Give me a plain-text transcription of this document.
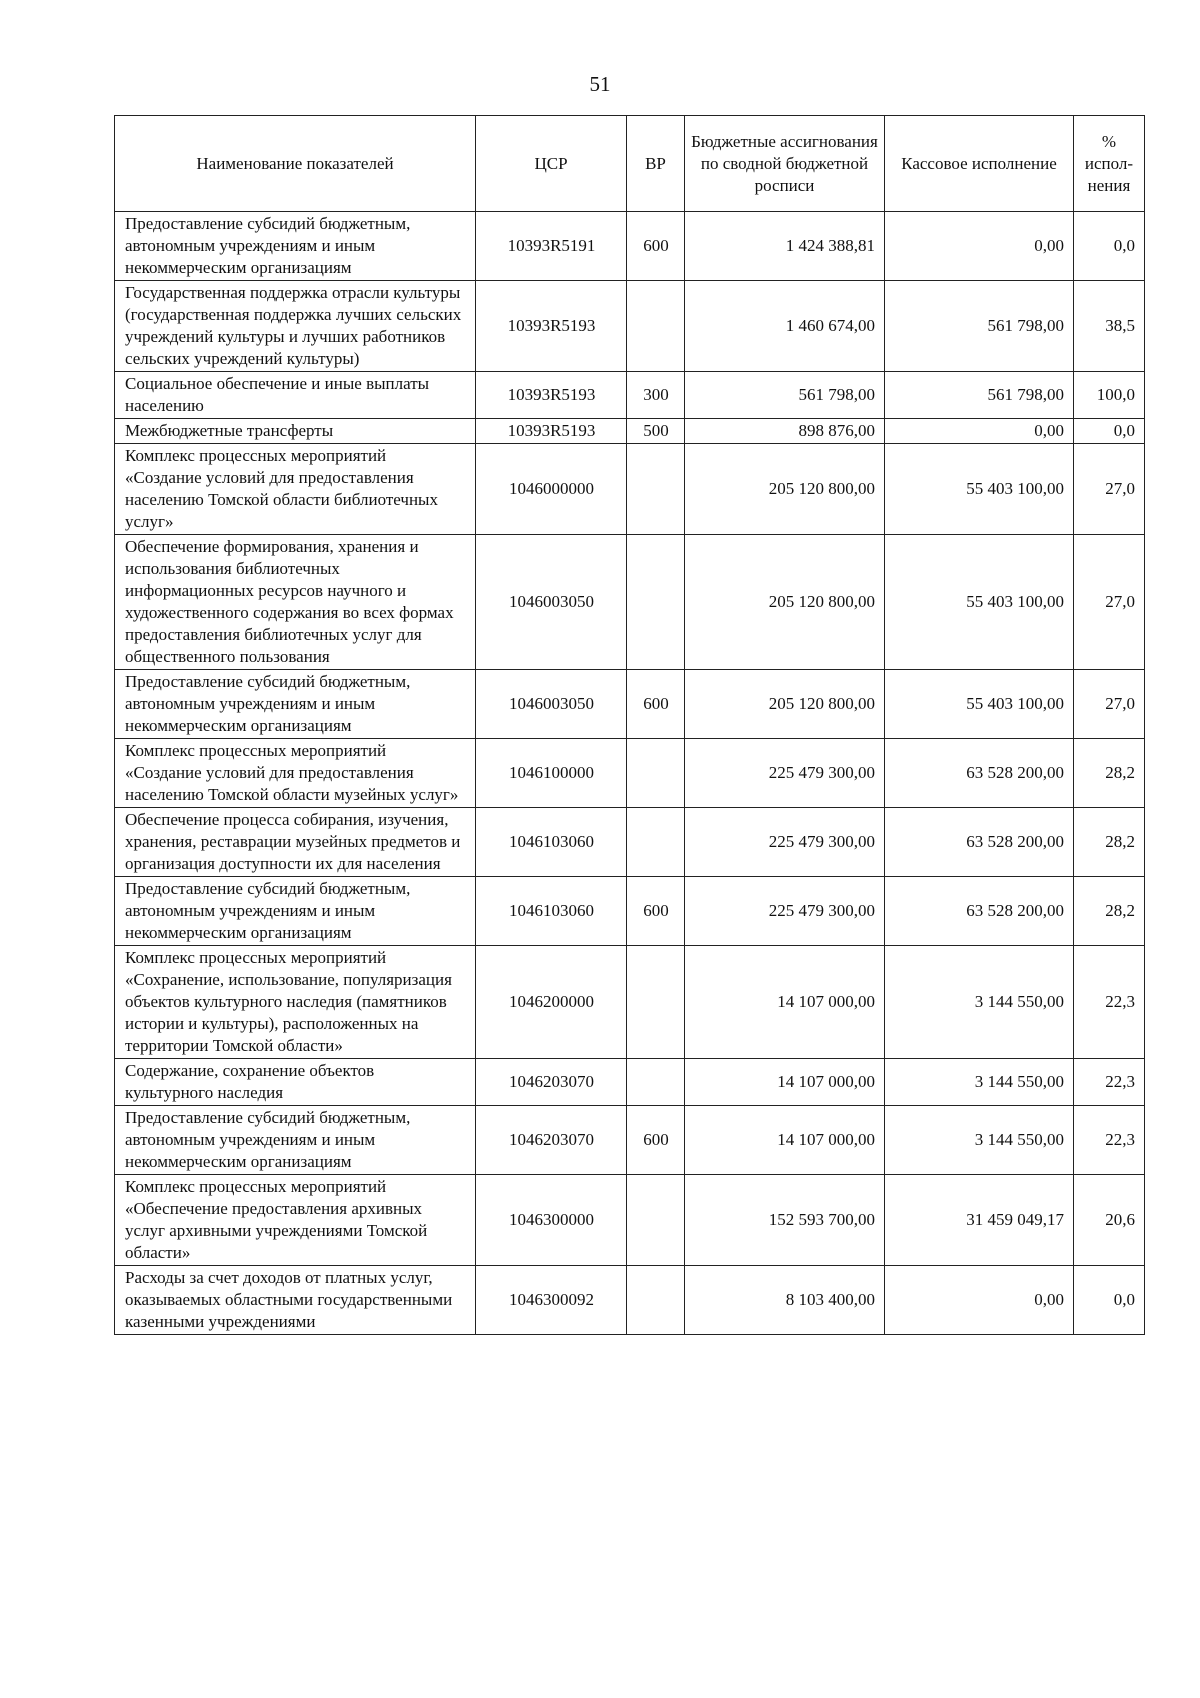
51
Наименование показателей	ЦСР	ВР	Бюджетные ассигнования по сводной бюджетной росписи	Кассовое исполнение	% испол-нения
Предоставление субсидий бюджетным, автономным учреждениям и иным некоммерческим организациям	10393R5191	600	1 424 388,81	0,00	0,0
Государственная поддержка отрасли культуры (государственная поддержка лучших сельских учреждений культуры и лучших работников сельских учреждений культуры)	10393R5193		1 460 674,00	561 798,00	38,5
Социальное обеспечение и иные выплаты населению	10393R5193	300	561 798,00	561 798,00	100,0
Межбюджетные трансферты	10393R5193	500	898 876,00	0,00	0,0
Комплекс процессных мероприятий «Создание условий для предоставления населению Томской области библиотечных услуг»	1046000000		205 120 800,00	55 403 100,00	27,0
Обеспечение формирования, хранения и использования библиотечных информационных ресурсов научного и художественного содержания во всех формах предоставления библиотечных услуг для общественного пользования	1046003050		205 120 800,00	55 403 100,00	27,0
Предоставление субсидий бюджетным, автономным учреждениям и иным некоммерческим организациям	1046003050	600	205 120 800,00	55 403 100,00	27,0
Комплекс процессных мероприятий «Создание условий для предоставления населению Томской области музейных услуг»	1046100000		225 479 300,00	63 528 200,00	28,2
Обеспечение процесса собирания, изучения, хранения, реставрации музейных предметов и организация доступности их для населения	1046103060		225 479 300,00	63 528 200,00	28,2
Предоставление субсидий бюджетным, автономным учреждениям и иным некоммерческим организациям	1046103060	600	225 479 300,00	63 528 200,00	28,2
Комплекс процессных мероприятий «Сохранение, использование, популяризация объектов культурного наследия (памятников истории и культуры), расположенных на территории Томской области»	1046200000		14 107 000,00	3 144 550,00	22,3
Содержание, сохранение объектов культурного наследия	1046203070		14 107 000,00	3 144 550,00	22,3
Предоставление субсидий бюджетным, автономным учреждениям и иным некоммерческим организациям	1046203070	600	14 107 000,00	3 144 550,00	22,3
Комплекс процессных мероприятий «Обеспечение предоставления архивных услуг архивными учреждениями Томской области»	1046300000		152 593 700,00	31 459 049,17	20,6
Расходы за счет доходов от платных услуг, оказываемых областными государственными казенными учреждениями	1046300092		8 103 400,00	0,00	0,0
